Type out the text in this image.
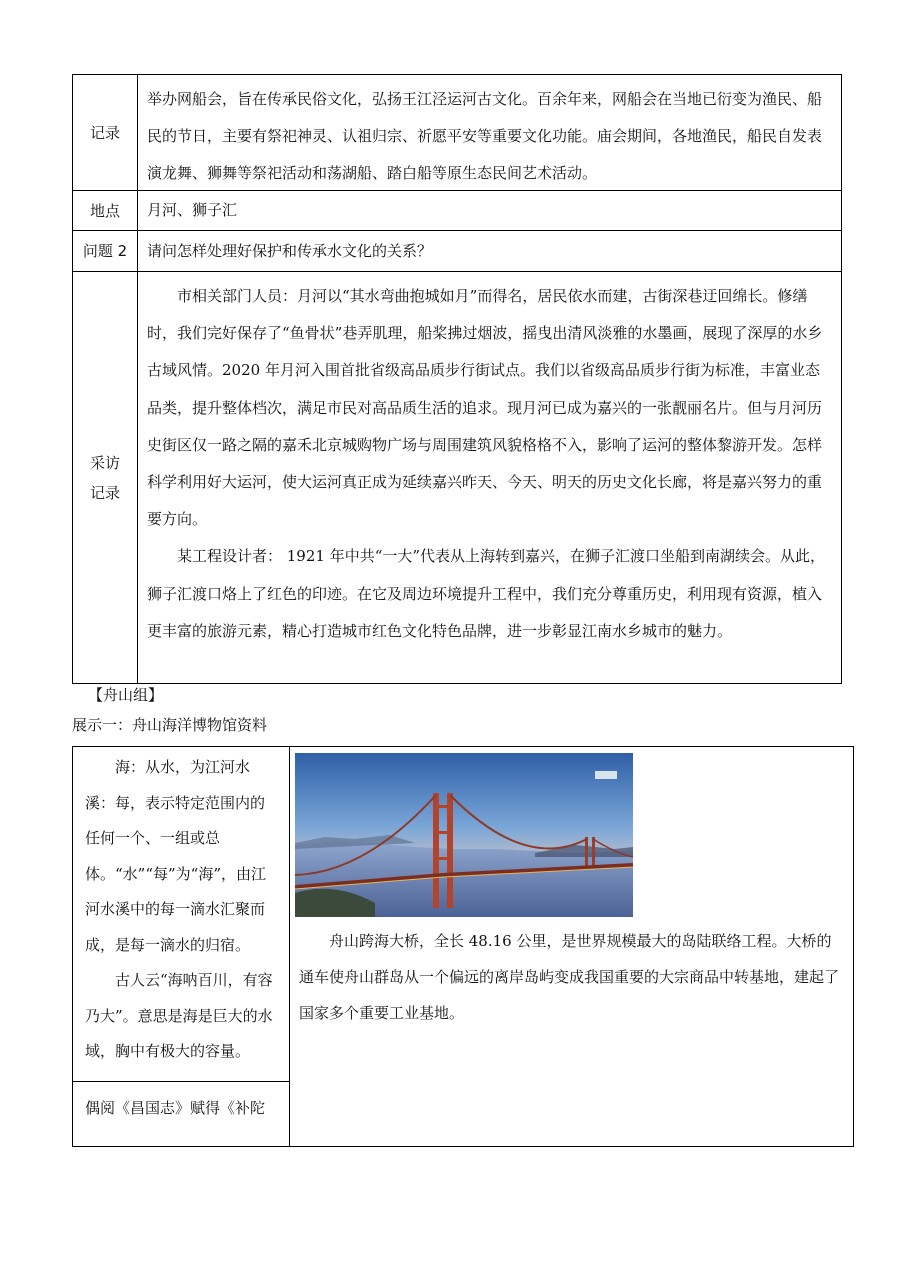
记录
举办网船会，旨在传承民俗文化，弘扬王江泾运河古文化。百余年来，网船会在当地已衍变为渔民、船民的节日，主要有祭祀神灵、认祖归宗、祈愿平安等重要文化功能。庙会期间，各地渔民，船民自发表演龙舞、狮舞等祭祀活动和荡湖船、踏白船等原生态民间艺术活动。
地点	月河、狮子汇
问题 2	请问怎样处理好保护和传承水文化的关系？
采访
记录

市相关部门人员：月河以“其水弯曲抱城如月”而得名，居民依水而建，古街深巷迂回绵长。修缮时，我们完好保存了“鱼骨状”巷弄肌理，船桨拂过烟波，摇曳出清风淡雅的水墨画，展现了深厚的水乡古域风情。2020 年月河入围首批省级高品质步行街试点。我们以省级高品质步行街为标准，丰富业态品类，提升整体档次，满足市民对高品质生活的追求。现月河已成为嘉兴的一张靓丽名片。但与月河历史街区仅一路之隔的嘉禾北京城购物广场与周围建筑风貌格格不入，影响了运河的整体黎游开发。怎样科学利用好大运河，使大运河真正成为延续嘉兴昨天、今天、明天的历史文化长廊，将是嘉兴努力的重要方向。

某工程设计者： 1921 年中共“一大”代表从上海转到嘉兴，在狮子汇渡口坐船到南湖续会。从此，狮子汇渡口烙上了红色的印迹。在它及周边环境提升工程中，我们充分尊重历史，利用现有资源，植入更丰富的旅游元素，精心打造城市红色文化特色品牌，进一步彰显江南水乡城市的魅力。

【舟山组】
展示一：舟山海洋博物馆资料

海：从水，为江河水溪：每，表示特定范围内的任何一个、一组或总体。“水”“每”为“海”，由江河水溪中的每一滴水汇聚而成，是每一滴水的归宿。

古人云“海呐百川，有容乃大”。意思是海是巨大的水域，胸中有极大的容量。

偶阅《昌国志》赋得《补陀

舟山跨海大桥，全长 48.16 公里，是世界规模最大的岛陆联络工程。大桥的通车使舟山群岛从一个偏远的离岸岛屿变成我国重要的大宗商品中转基地，建起了国家多个重要工业基地。
